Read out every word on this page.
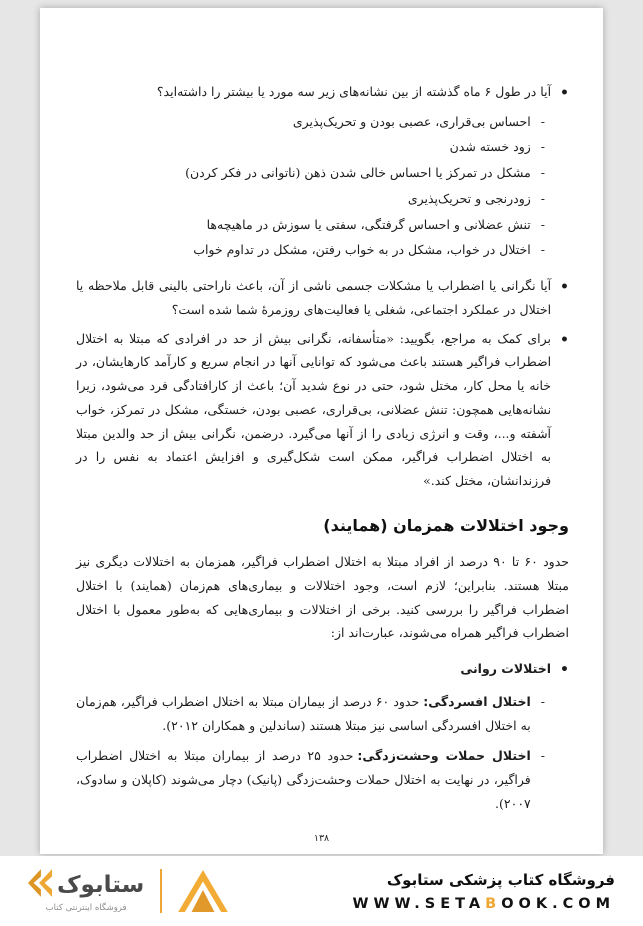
•
آیا در طول ۶ ماه گذشته از بین نشانه‌های زیر سه مورد یا بیشتر را داشته‌اید؟
-
احساس بی‌قراری، عصبی بودن و تحریک‌پذیری
-
زود خسته شدن
-
مشکل در تمرکز یا احساس خالی شدن ذهن (ناتوانی در فکر کردن)
-
زودرنجی و تحریک‌پذیری
-
تنش عضلانی و احساس گرفتگی، سفتی یا سوزش در ماهیچه‌ها
-
اختلال در خواب، مشکل در به خواب رفتن، مشکل در تداوم خواب
•
آیا نگرانی یا اضطراب یا مشکلات جسمی ناشی از آن، باعث ناراحتی بالینی قابل ملاحظه یا اختلال در عملکرد اجتماعی، شغلی یا فعالیت‌های روزمرهٔ شما شده است؟
•
برای کمک به مراجع، بگویید: «متأسفانه، نگرانی بیش از حد در افرادی که مبتلا به اختلال اضطراب فراگیر هستند باعث می‌شود که توانایی آنها در انجام سریع و کارآمد کارهایشان، در خانه یا محل کار، مختل شود، حتی در نوع شدید آن؛ باعث از کارافتادگی فرد می‌شود، زیرا نشانه‌هایی همچون: تنش عضلانی، بی‌قراری، عصبی بودن، خستگی، مشکل در تمرکز، خواب آشفته و...، وقت و انرژی زیادی را از آنها می‌گیرد. درضمن، نگرانی بیش از حد والدین مبتلا به اختلال اضطراب فراگیر، ممکن است شکل‌گیری و افزایش اعتماد به نفس را در فرزندانشان، مختل کند.»
وجود اختلالات همزمان (همایند)

حدود ۶۰ تا ۹۰ درصد از افراد مبتلا به اختلال اضطراب فراگیر، همزمان به اختلالات دیگری نیز مبتلا هستند. بنابراین؛ لازم است، وجود اختلالات و بیماری‌های هم‌زمان (همایند) با اختلال اضطراب فراگیر را بررسی کنید. برخی از اختلالات و بیماری‌هایی که به‌طور معمول با اختلال اضطراب فراگیر همراه می‌شوند، عبارت‌اند از:

•
اختلالات روانی
-
اختلال افسردگی:حدود ۶۰ درصد از بیماران مبتلا به اختلال اضطراب فراگیر، هم‌زمان به اختلال افسردگی اساسی نیز مبتلا هستند (ساندلین و همکاران ۲۰۱۲).
-
اختلال حملات وحشت‌زدگی:حدود ۲۵ درصد از بیماران مبتلا به اختلال اضطراب فراگیر، در نهایت به اختلال حملات وحشت‌زدگی (پانیک) دچار می‌شوند (کاپلان و سادوک، ۲۰۰۷).
۱۳۸
ستابوک
فروشگاه اینترنتی کتاب
فروشگاه کتاب پزشکی ستابوک
WWW.SETABOOK.COM
